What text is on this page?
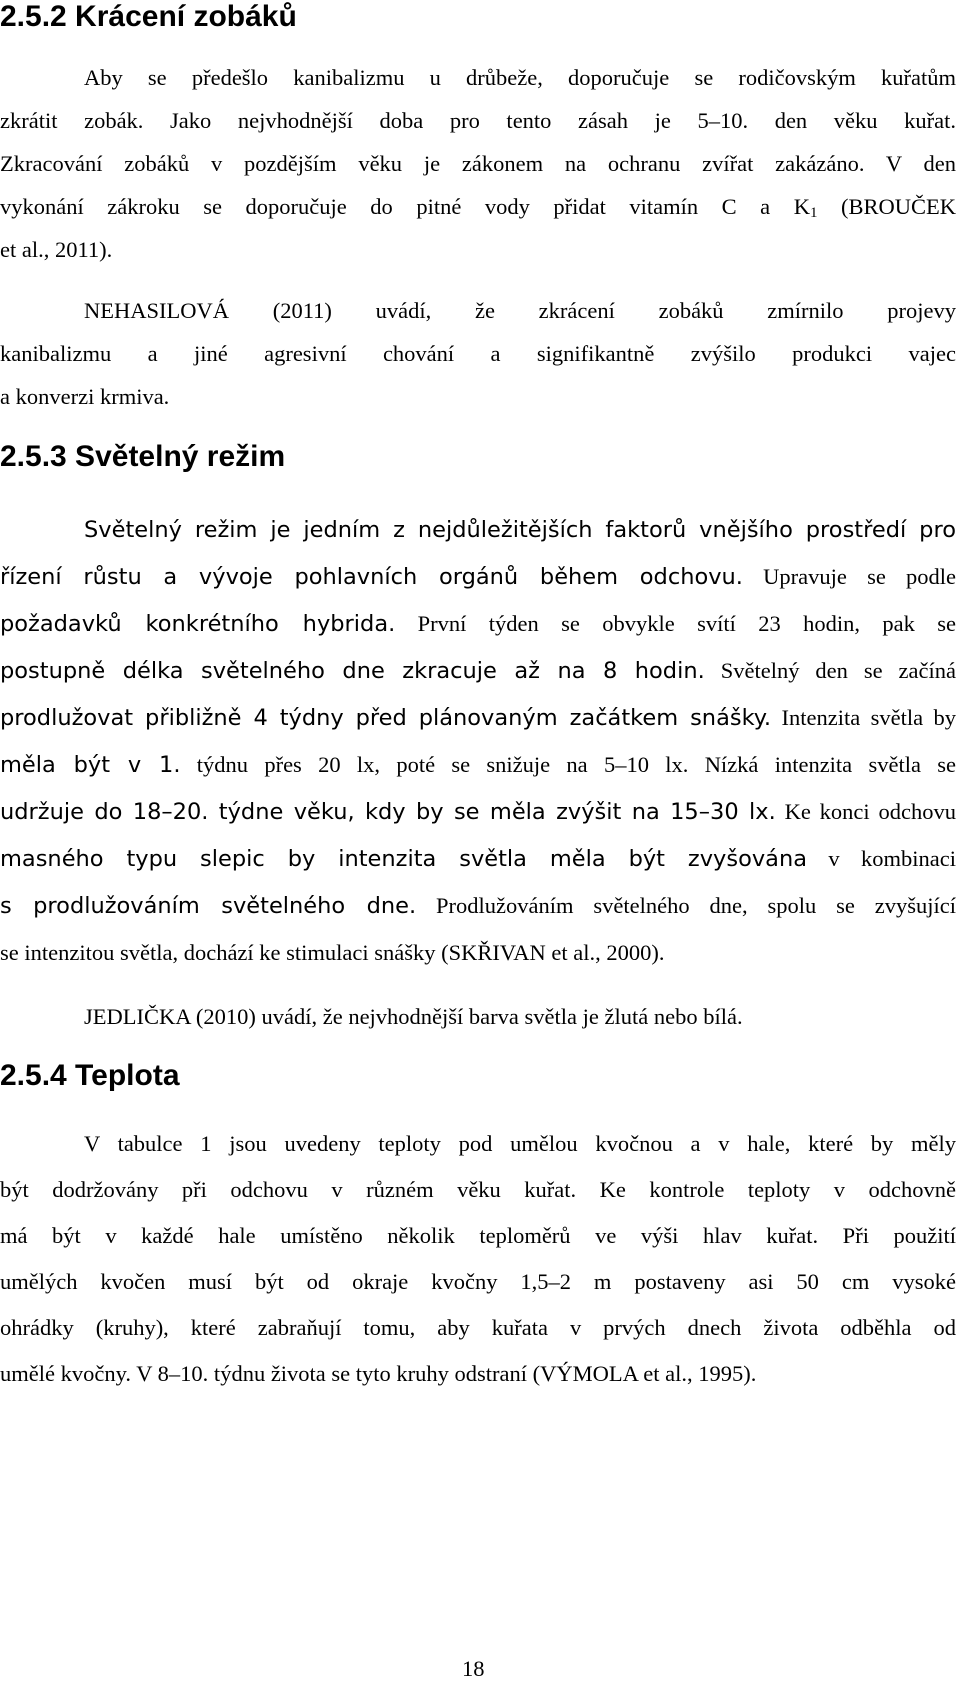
2.5.2 Krácení zobáků
Aby se předešlo kanibalizmu u drůbeže, doporučuje se rodičovským kuřatům
zkrátit zobák. Jako nejvhodnější doba pro tento zásah je 5–10. den věku kuřat.
Zkracování zobáků v pozdějším věku je zákonem na ochranu zvířat zakázáno. V den
vykonání zákroku se doporučuje do pitné vody přidat vitamín C a $K_1$ (BROUČEK
et al., 2011).
NEHASILOVÁ (2011) uvádí, že zkrácení zobáků zmírnilo projevy
kanibalizmu a jiné agresivní chování a signifikantně zvýšilo produkci vajec
a konverzi krmiva.
2.5.3 Světelný režim
Světelný režim je jedním z nejdůležitějších faktorů vnějšího prostředí pro
řízení růstu a vývoje pohlavních orgánů během odchovu. Upravuje se podle
požadavků konkrétního hybrida. První týden se obvykle svítí 23 hodin, pak se
postupně délka světelného dne zkracuje až na 8 hodin. Světelný den se začíná
prodlužovat přibližně 4 týdny před plánovaným začátkem snášky. Intenzita světla by
měla být v 1. týdnu přes 20 lx, poté se snižuje na 5–10 lx. Nízká intenzita světla se
udržuje do 18–20. týdne věku, kdy by se měla zvýšit na 15–30 lx. Ke konci odchovu
masného typu slepic by intenzita světla měla být zvyšována v kombinaci
s prodlužováním světelného dne. Prodlužováním světelného dne, spolu se zvyšující
se intenzitou světla, dochází ke stimulaci snášky (SKŘIVAN et al., 2000).
JEDLIČKA (2010) uvádí, že nejvhodnější barva světla je žlutá nebo bílá.
2.5.4 Teplota
V tabulce 1 jsou uvedeny teploty pod umělou kvočnou a v hale, které by měly
být dodržovány při odchovu v různém věku kuřat. Ke kontrole teploty v odchovně
má být v každé hale umístěno několik teploměrů ve výši hlav kuřat. Při použití
umělých kvočen musí být od okraje kvočny 1,5–2 m postaveny asi 50 cm vysoké
ohrádky (kruhy), které zabraňují tomu, aby kuřata v prvých dnech života odběhla od
umělé kvočny. V 8–10. týdnu života se tyto kruhy odstraní (VÝMOLA et al., 1995).
18
